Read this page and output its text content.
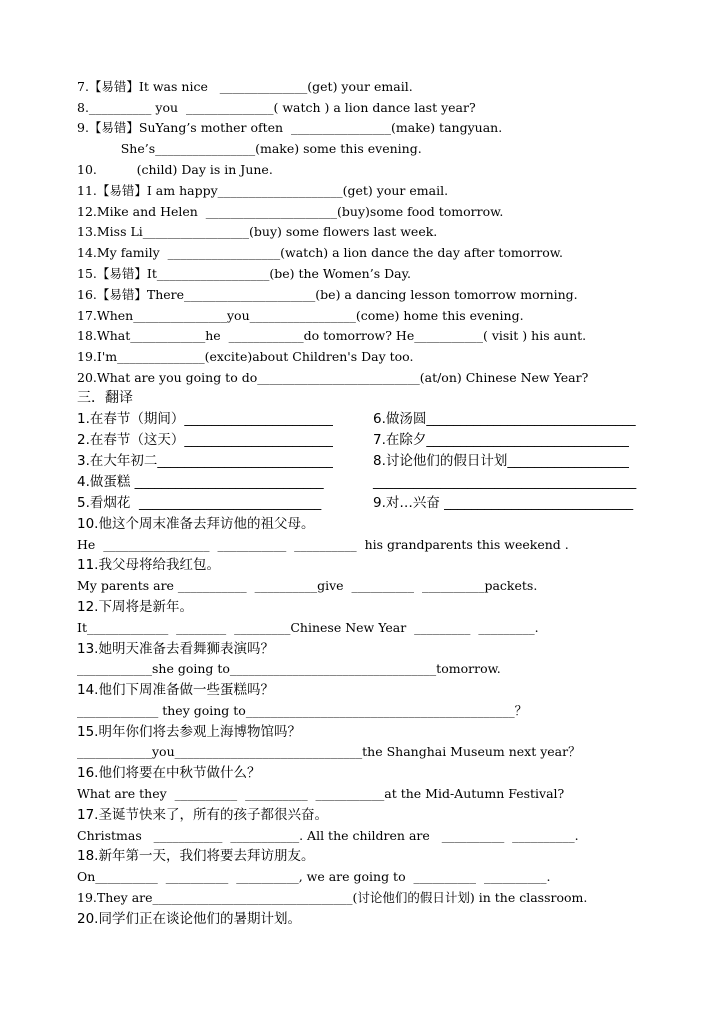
7.【易错】It was nice   ______________(get) your email.
8.__________ you  ______________( watch ) a lion dance last year?
9.【易错】SuYang’s mother often  ________________(make) tangyuan.
She’s________________(make) some this evening.
10.          (child) Day is in June.
11.【易错】I am happy____________________(get) your email.
12.Mike and Helen  _____________________(buy)some food tomorrow.
13.Miss Li_________________(buy) some flowers last week.
14.My family  __________________(watch) a lion dance the day after tomorrow.
15.【易错】It__________________(be) the Women’s Day.
16.【易错】There_____________________(be) a dancing lesson tomorrow morning.
17.When_______________you_________________(come) home this evening.
18.What____________he  ____________do tomorrow? He___________( visit ) his aunt.
19.I'm______________(excite)about Children's Day too.
20.What are you going to do__________________________(at/on) Chinese New Year?
三．翻译
1.在春节（期间）______________________	6.做汤圆_______________________________
2.在春节（这天）______________________	7.在除夕______________________________
3.在大年初二__________________________	8.讨论他们的假日计划__________________
4.做蛋糕 ____________________________	_______________________________________
5.看烟花  ___________________________	9.对…兴奋 ____________________________
10.他这个周末准备去拜访他的祖父母。
He  _________________  ___________  __________  his grandparents this weekend .
11.我父母将给我红包。
My parents are ___________  __________give  __________  __________packets.
12.下周将是新年。
It_____________  ________  _________Chinese New Year  _________  _________.
13.她明天准备去看舞狮表演吗？
____________she going to_________________________________tomorrow.
14.他们下周准备做一些蛋糕吗？
_____________ they going to___________________________________________？
15.明年你们将去参观上海博物馆吗？
____________you______________________________the Shanghai Museum next year？
16.他们将要在中秋节做什么？
What are they  __________  __________  ___________at the Mid-Autumn Festival?
17.圣诞节快来了，所有的孩子都很兴奋。
Christmas   ___________  ___________. All the children are   __________  __________.
18.新年第一天，我们将要去拜访朋友。
On__________  __________  __________, we are going to  __________  __________.
19.They are________________________________(讨论他们的假日计划) in the classroom.
20.同学们正在谈论他们的暑期计划。
